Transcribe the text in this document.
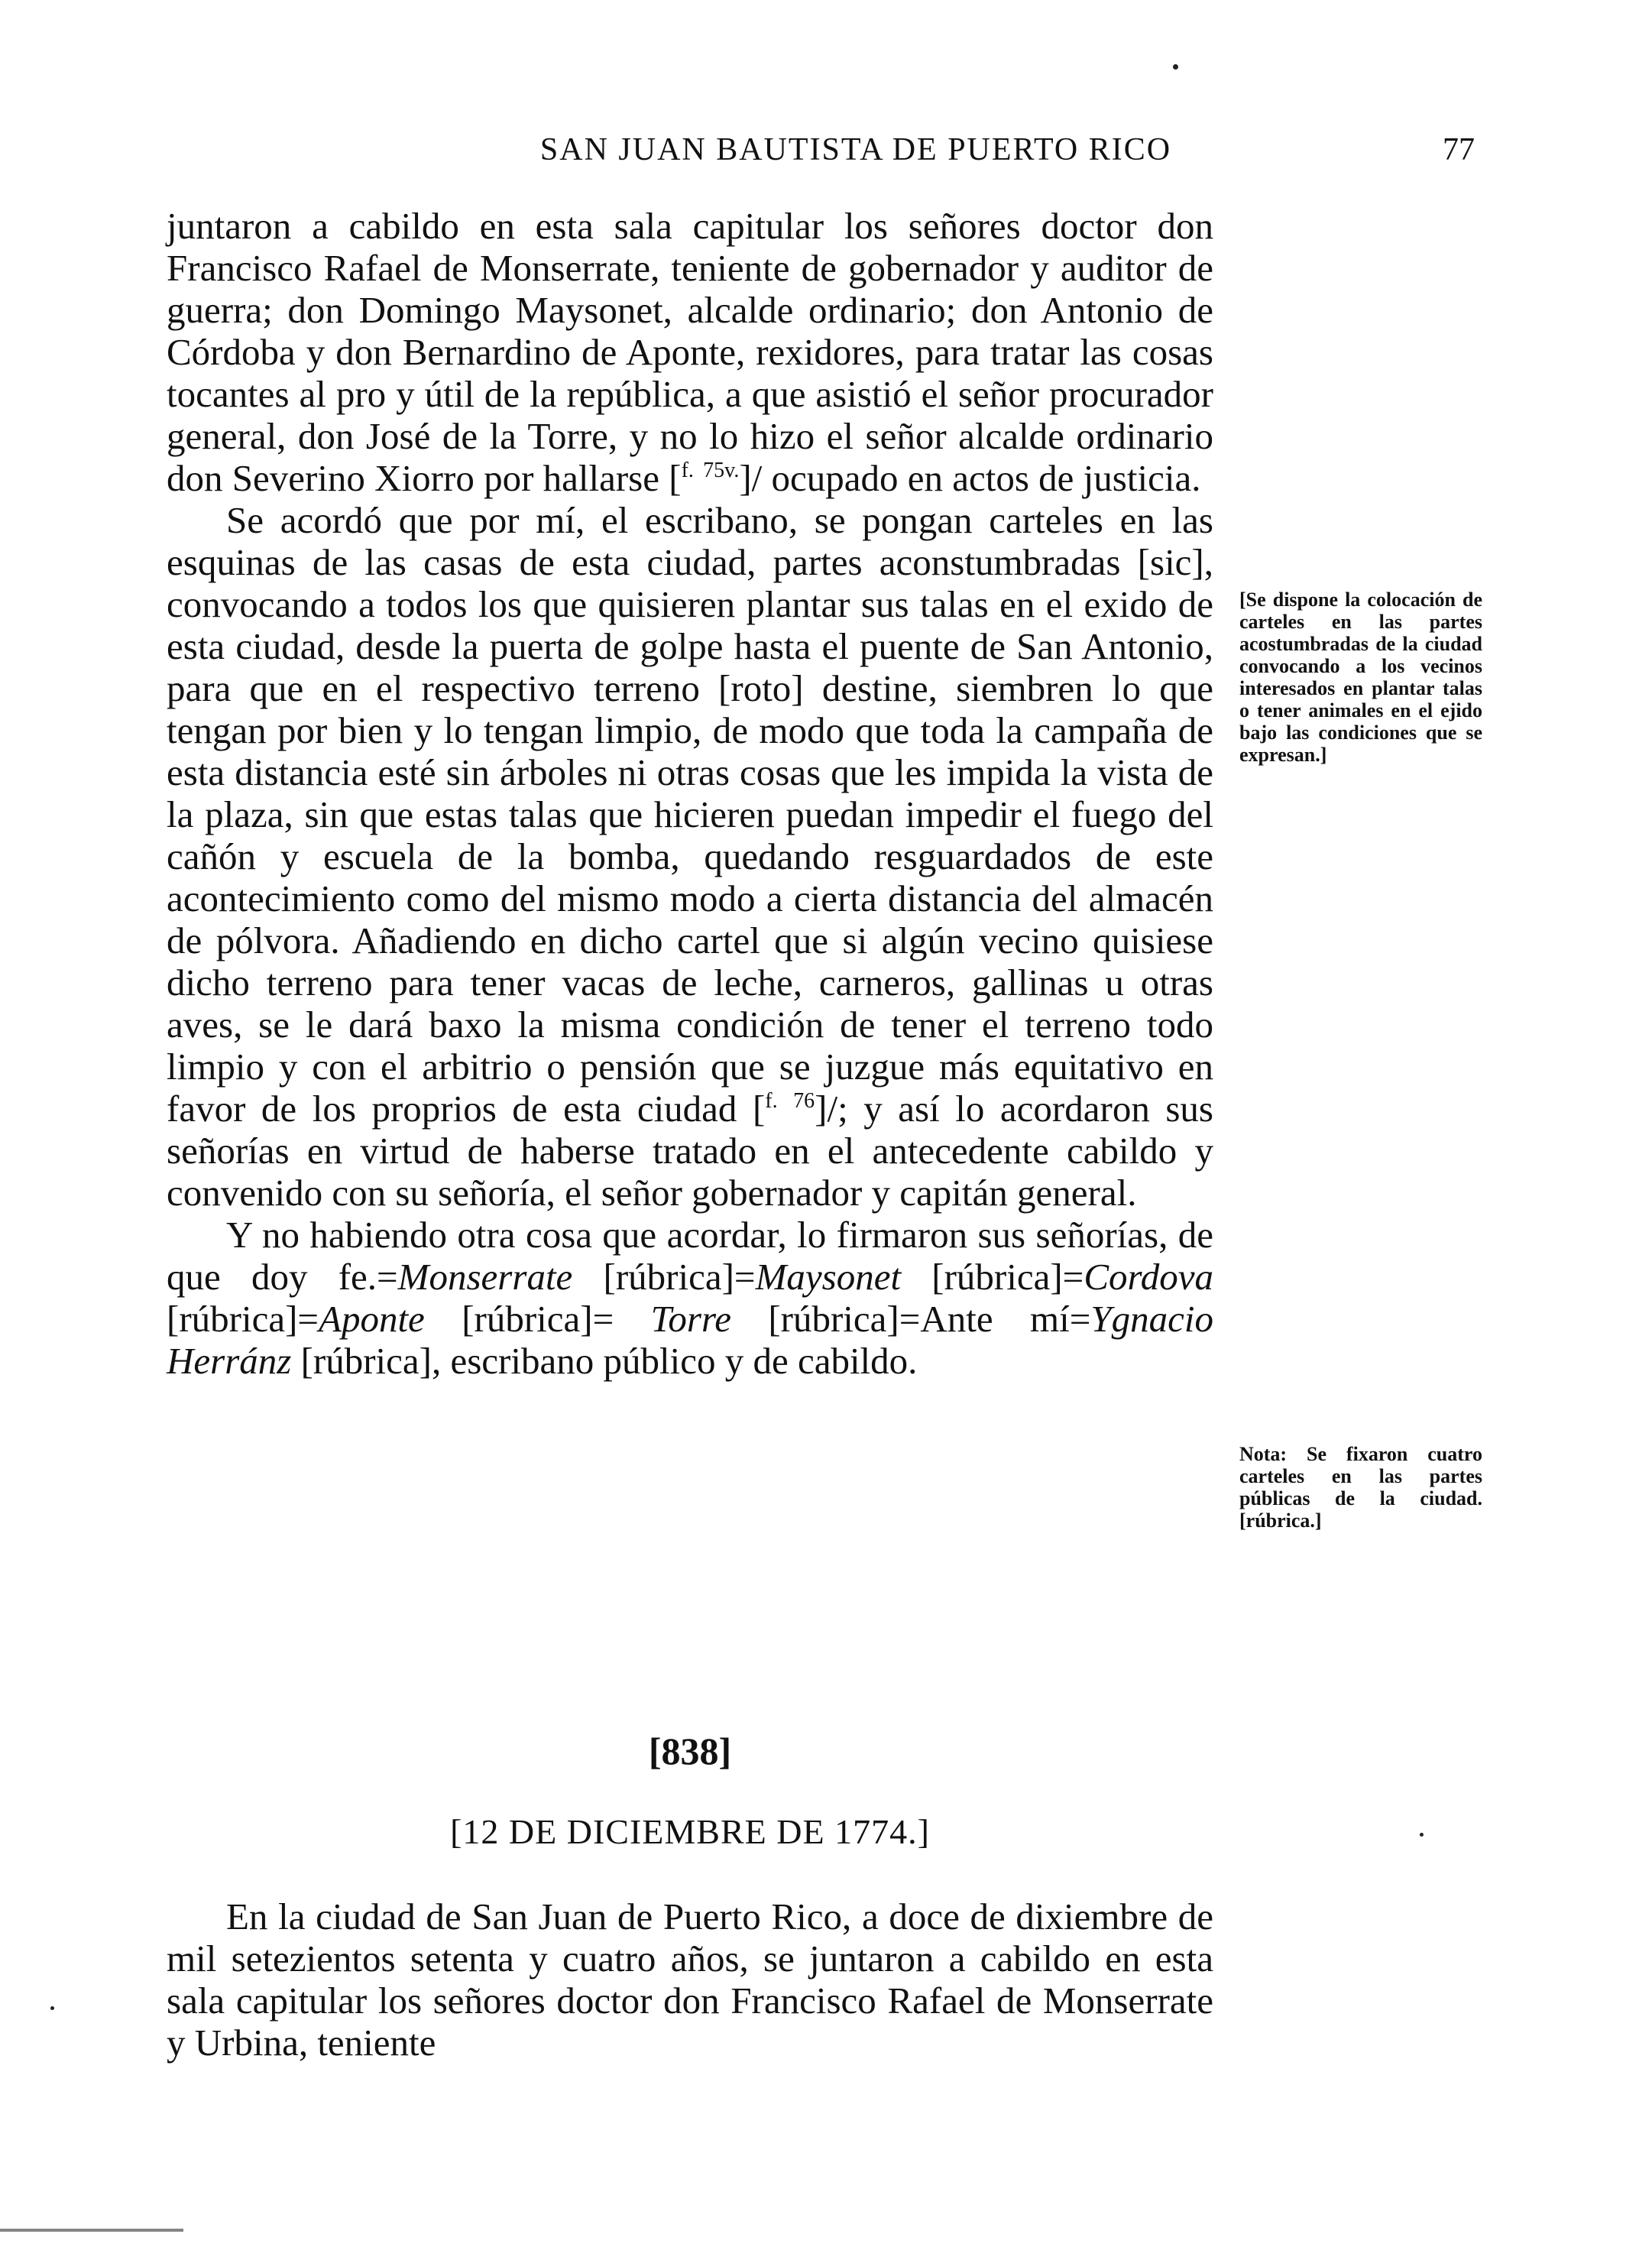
SAN JUAN BAUTISTA DE PUERTO RICO	77

juntaron a cabildo en esta sala capitular los señores doctor don Francisco Rafael de Monserrate, teniente de gobernador y auditor de guerra; don Domingo Maysonet, alcalde ordinario; don Antonio de Córdoba y don Bernardino de Aponte, rexidores, para tratar las cosas tocantes al pro y útil de la república, a que asistió el señor procurador general, don José de la Torre, y no lo hizo el señor alcalde ordinario don Severino Xiorro por hallarse [$^{f.}$ $^{75v.}$]/ ocupado en actos de justicia.

Se acordó que por mí, el escribano, se pongan carteles en las esquinas de las casas de esta ciudad, partes aconstumbradas [sic], convocando a todos los que quisieren plantar sus talas en el exido de esta ciudad, desde la puerta de golpe hasta el puente de San Antonio, para que en el respectivo terreno [roto] destine, siembren lo que tengan por bien y lo tengan limpio, de modo que toda la campaña de esta distancia esté sin árboles ni otras cosas que les impida la vista de la plaza, sin que estas talas que hicieren puedan impedir el fuego del cañón y escuela de la bomba, quedando resguardados de este acontecimiento como del mismo modo a cierta distancia del almacén de pólvora. Añadiendo en dicho cartel que si algún vecino quisiese dicho terreno para tener vacas de leche, carneros, gallinas u otras aves, se le dará baxo la misma condición de tener el terreno todo limpio y con el arbitrio o pensión que se juzgue más equitativo en favor de los proprios de esta ciudad [$^{f.}$ $^{76}$]/; y así lo acordaron sus señorías en virtud de haberse tratado en el antecedente cabildo y convenido con su señoría, el señor gobernador y capitán general.

Y no habiendo otra cosa que acordar, lo firmaron sus señorías, de que doy fe.=Monserrate [rúbrica]=Maysonet [rúbrica]=Cordova [rúbrica]=Aponte [rúbrica]= Torre [rúbrica]=Ante mí=Ygnacio Herránz [rúbrica], escribano público y de cabildo.

[Se dispone la colocación de carteles en las partes acostumbradas de la ciudad convocando a los vecinos interesados en plantar talas o tener animales en el ejido bajo las condiciones que se expresan.]

Nota: Se fixaron cuatro carteles en las partes públicas de la ciudad. [rúbrica.]

[838]
[12 DE DICIEMBRE DE 1774.]

En la ciudad de San Juan de Puerto Rico, a doce de dixiembre de mil setezientos setenta y cuatro años, se juntaron a cabildo en esta sala capitular los señores doctor don Francisco Rafael de Monserrate y Urbina, teniente
